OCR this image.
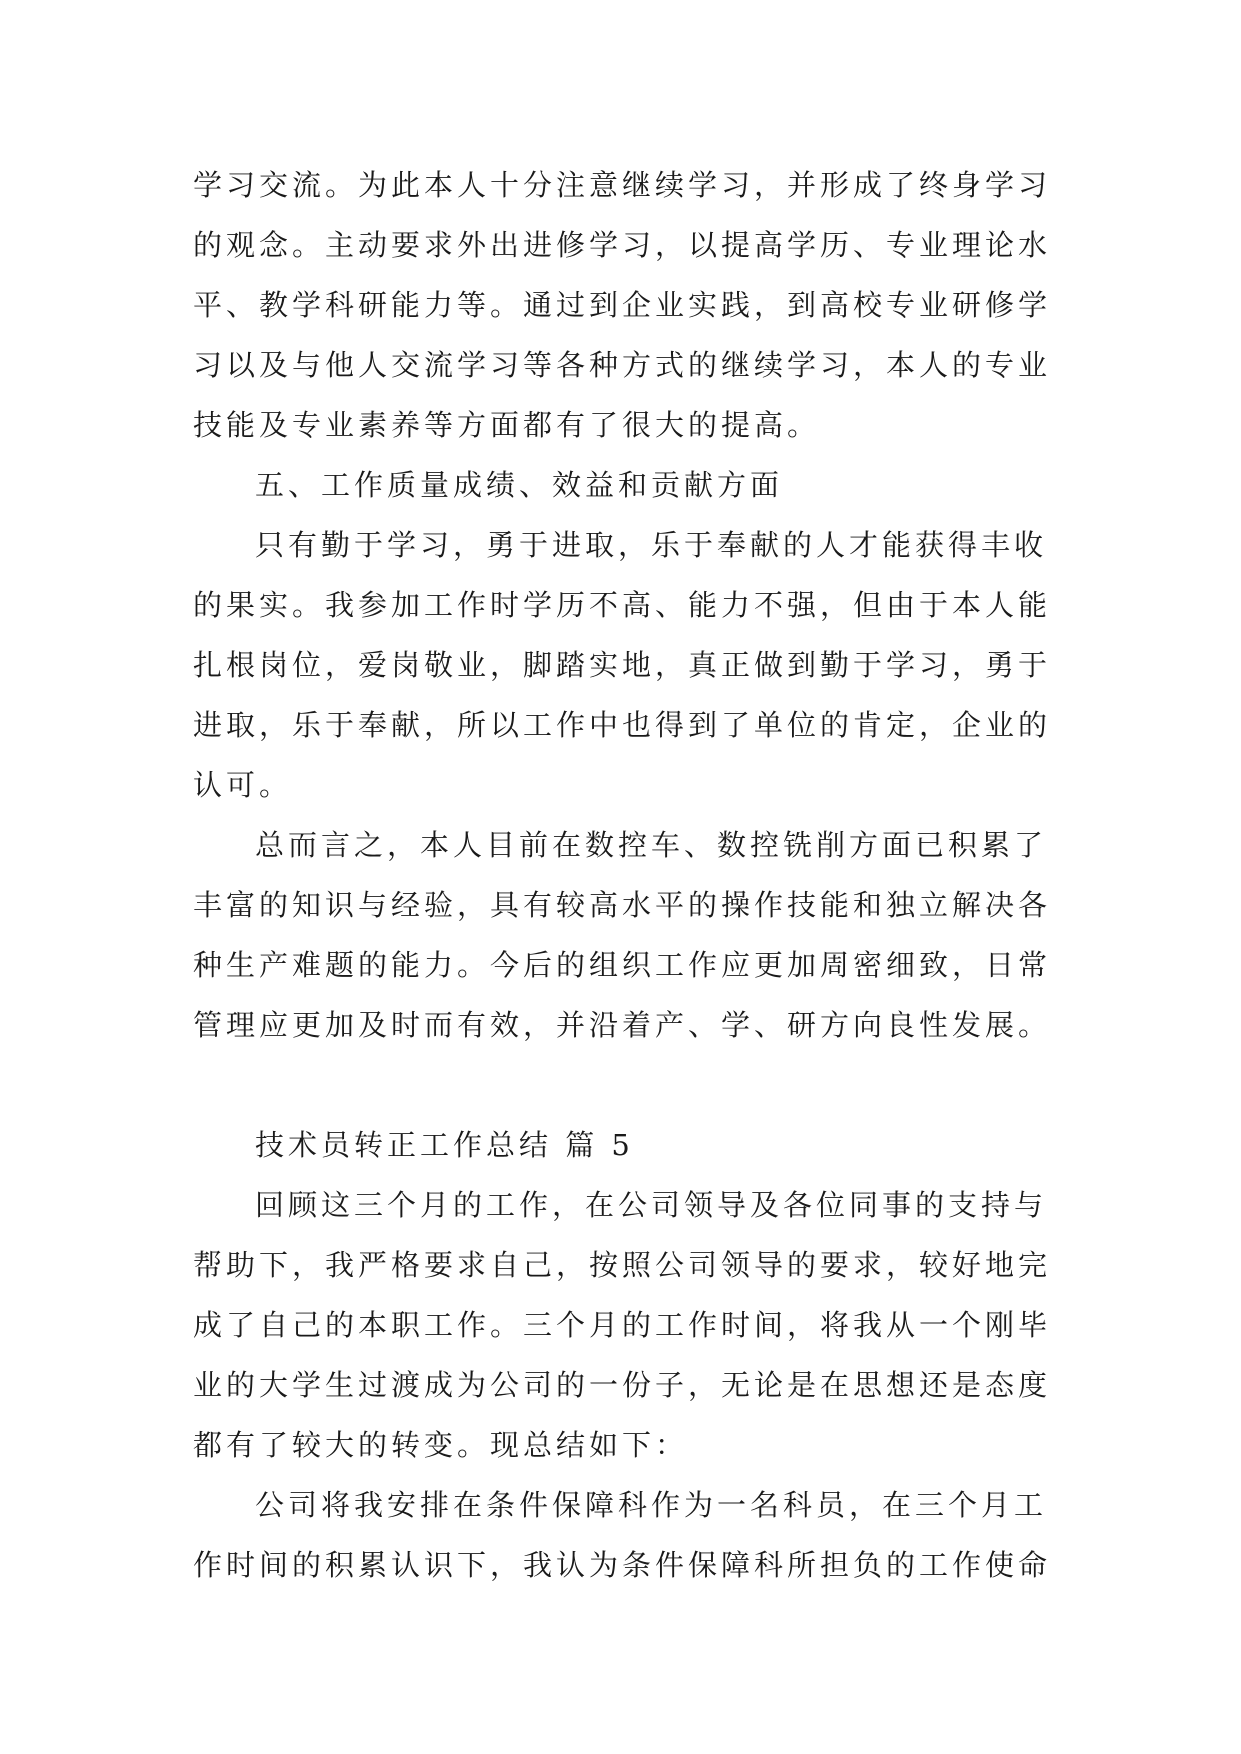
学习交流。为此本人十分注意继续学习，并形成了终身学习
的观念。主动要求外出进修学习，以提高学历、专业理论水
平、教学科研能力等。通过到企业实践，到高校专业研修学
习以及与他人交流学习等各种方式的继续学习，本人的专业
技能及专业素养等方面都有了很大的提高。
五、工作质量成绩、效益和贡献方面
只有勤于学习，勇于进取，乐于奉献的人才能获得丰收
的果实。我参加工作时学历不高、能力不强，但由于本人能
扎根岗位，爱岗敬业，脚踏实地，真正做到勤于学习，勇于
进取，乐于奉献，所以工作中也得到了单位的肯定，企业的
认可。
总而言之，本人目前在数控车、数控铣削方面已积累了
丰富的知识与经验，具有较高水平的操作技能和独立解决各
种生产难题的能力。今后的组织工作应更加周密细致，日常
管理应更加及时而有效，并沿着产、学、研方向良性发展。
技术员转正工作总结 篇 5
回顾这三个月的工作，在公司领导及各位同事的支持与
帮助下，我严格要求自己，按照公司领导的要求，较好地完
成了自己的本职工作。三个月的工作时间，将我从一个刚毕
业的大学生过渡成为公司的一份子，无论是在思想还是态度
都有了较大的转变。现总结如下：
公司将我安排在条件保障科作为一名科员，在三个月工
作时间的积累认识下，我认为条件保障科所担负的工作使命
